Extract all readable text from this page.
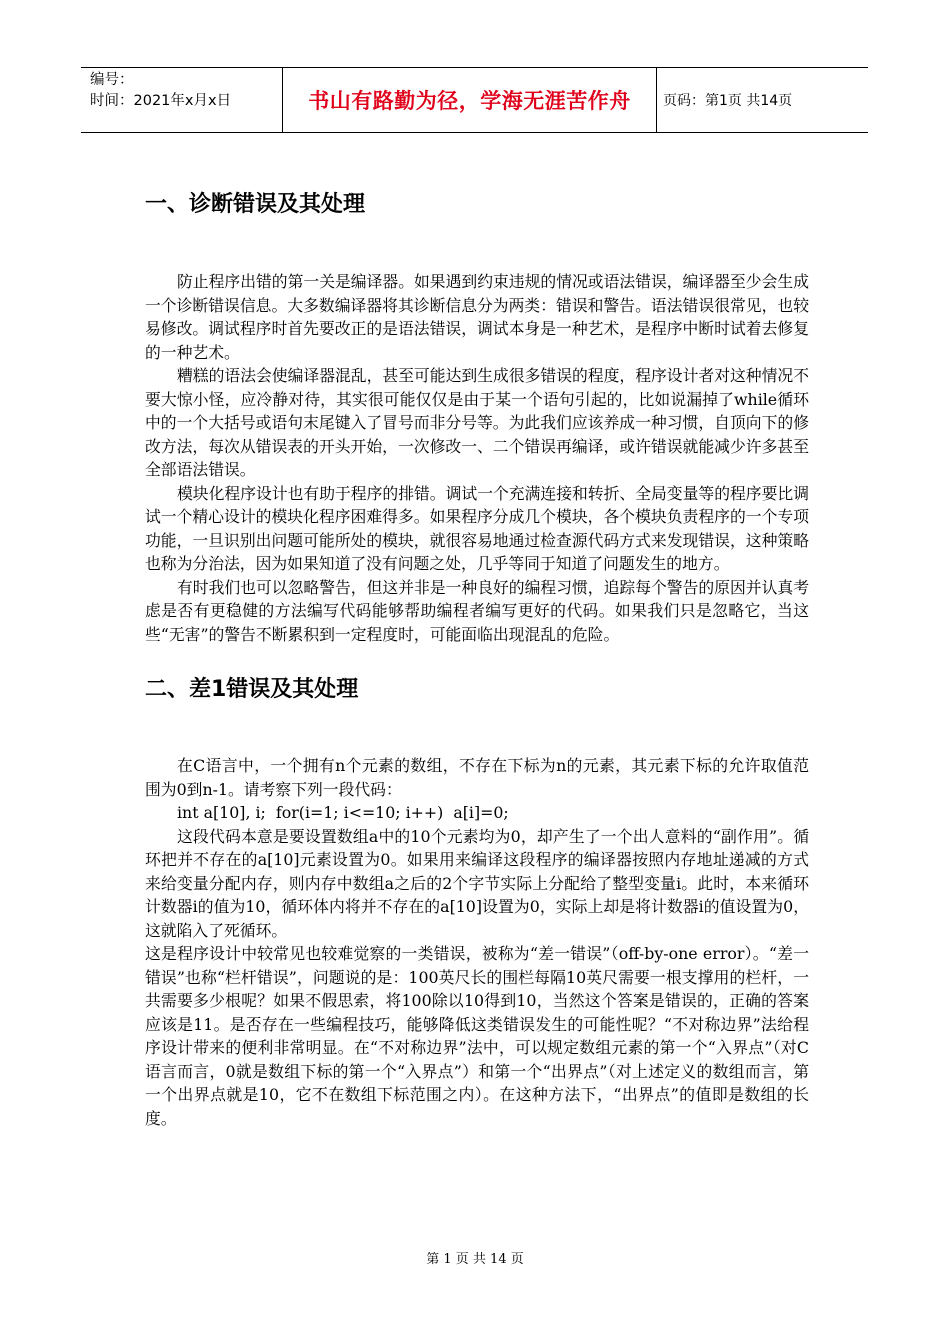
编号：
时间：2021年x月x日	书山有路勤为径，学海无涯苦作舟 页码：第1页 共14页
一、诊断错误及其处理

防止程序出错的第一关是编译器。如果遇到约束违规的情况或语法错误，编译器至少会生成一个诊断错误信息。大多数编译器将其诊断信息分为两类：错误和警告。语法错误很常见，也较易修改。调试程序时首先要改正的是语法错误，调试本身是一种艺术，是程序中断时试着去修复的一种艺术。

糟糕的语法会使编译器混乱，甚至可能达到生成很多错误的程度，程序设计者对这种情况不要大惊小怪，应冷静对待，其实很可能仅仅是由于某一个语句引起的，比如说漏掉了while循环中的一个大括号或语句末尾键入了冒号而非分号等。为此我们应该养成一种习惯，自顶向下的修改方法，每次从错误表的开头开始，一次修改一、二个错误再编译，或许错误就能减少许多甚至全部语法错误。

模块化程序设计也有助于程序的排错。调试一个充满连接和转折、全局变量等的程序要比调试一个精心设计的模块化程序困难得多。如果程序分成几个模块，各个模块负责程序的一个专项功能，一旦识别出问题可能所处的模块，就很容易地通过检查源代码方式来发现错误，这种策略也称为分治法，因为如果知道了没有问题之处，几乎等同于知道了问题发生的地方。

有时我们也可以忽略警告，但这并非是一种良好的编程习惯，追踪每个警告的原因并认真考虑是否有更稳健的方法编写代码能够帮助编程者编写更好的代码。如果我们只是忽略它，当这些“无害”的警告不断累积到一定程度时，可能面临出现混乱的危险。

二、差1错误及其处理

在C语言中，一个拥有n个元素的数组，不存在下标为n的元素，其元素下标的允许取值范围为0到n-1。请考察下列一段代码：

int a[10], i;  for(i=1; i<=10; i++)  a[i]=0;

这段代码本意是要设置数组a中的10个元素均为0，却产生了一个出人意料的“副作用”。循环把并不存在的a[10]元素设置为0。如果用来编译这段程序的编译器按照内存地址递减的方式来给变量分配内存，则内存中数组a之后的2个字节实际上分配给了整型变量i。此时，本来循环计数器i的值为10，循环体内将并不存在的a[10]设置为0，实际上却是将计数器i的值设置为0，这就陷入了死循环。

这是程序设计中较常见也较难觉察的一类错误，被称为“差一错误”（off-by-one error）。“差一错误”也称“栏杆错误”，问题说的是：100英尺长的围栏每隔10英尺需要一根支撑用的栏杆，一共需要多少根呢？如果不假思索，将100除以10得到10，当然这个答案是错误的，正确的答案应该是11。是否存在一些编程技巧，能够降低这类错误发生的可能性呢？“不对称边界”法给程序设计带来的便利非常明显。在“不对称边界”法中，可以规定数组元素的第一个“入界点”（对C语言而言，0就是数组下标的第一个“入界点”）和第一个“出界点”（对上述定义的数组而言，第一个出界点就是10，它不在数组下标范围之内）。在这种方法下，“出界点”的值即是数组的长度。

第 1 页 共 14 页
